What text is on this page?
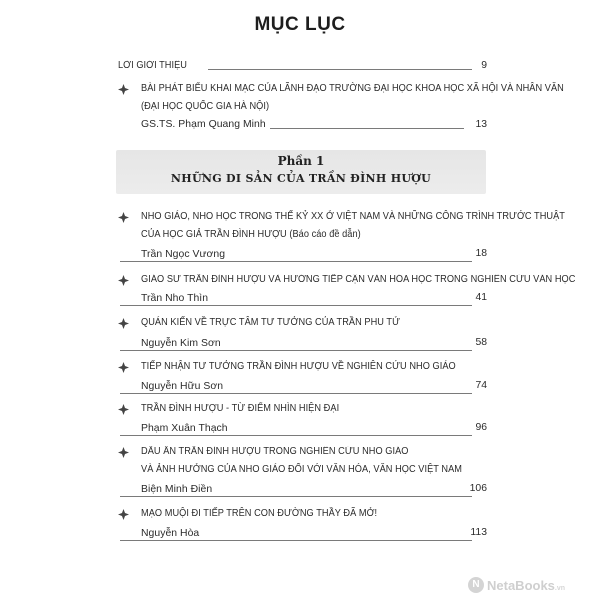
MỤC LỤC
LỜI GIỚI THIỆU	9
BÀI PHÁT BIỂU KHAI MẠC CỦA LÃNH ĐẠO TRƯỜNG ĐẠI HỌC KHOA HỌC XÃ HỘI VÀ NHÂN VĂN
(ĐẠI HỌC QUỐC GIA HÀ NỘI)
GS.TS. Phạm Quang Minh	13
Phần 1
NHỮNG DI SẢN CỦA TRẦN ĐÌNH HƯỢU
NHO GIÁO, NHO HỌC TRONG THẾ KỶ XX Ở VIỆT NAM VÀ NHỮNG CÔNG TRÌNH TRƯỚC THUẬT
CỦA HỌC GIẢ TRẦN ĐÌNH HƯỢU (Báo cáo đề dẫn)
Trần Ngọc Vương	18
GIÁO SƯ TRẦN ĐÌNH HƯỢU VÀ HƯỚNG TIẾP CẬN VĂN HÓA HỌC TRONG NGHIÊN CỨU VĂN HỌC
Trần Nho Thìn	41
QUÁN KIẾN VỀ TRỰC TÂM TƯ TƯỞNG CỦA TRẦN PHU TỬ
Nguyễn Kim Sơn	58
TIẾP NHẬN TƯ TƯỞNG TRẦN ĐÌNH HƯỢU VỀ NGHIÊN CỨU NHO GIÁO
Nguyễn Hữu Sơn	74
TRẦN ĐÌNH HƯỢU - TỪ ĐIỂM NHÌN HIỆN ĐẠI
Phạm Xuân Thạch	96
DẤU ẤN TRẦN ĐÌNH HƯỢU TRONG NGHIÊN CỨU NHO GIÁO
VÀ ẢNH HƯỞNG CỦA NHO GIÁO ĐỐI VỚI VĂN HÓA, VĂN HỌC VIỆT NAM
Biện Minh Điền	106
MẠO MUỘI ĐI TIẾP TRÊN CON ĐƯỜNG THẦY ĐÃ MỞ!
Nguyễn Hòa	113
N NetaBooks.vn
